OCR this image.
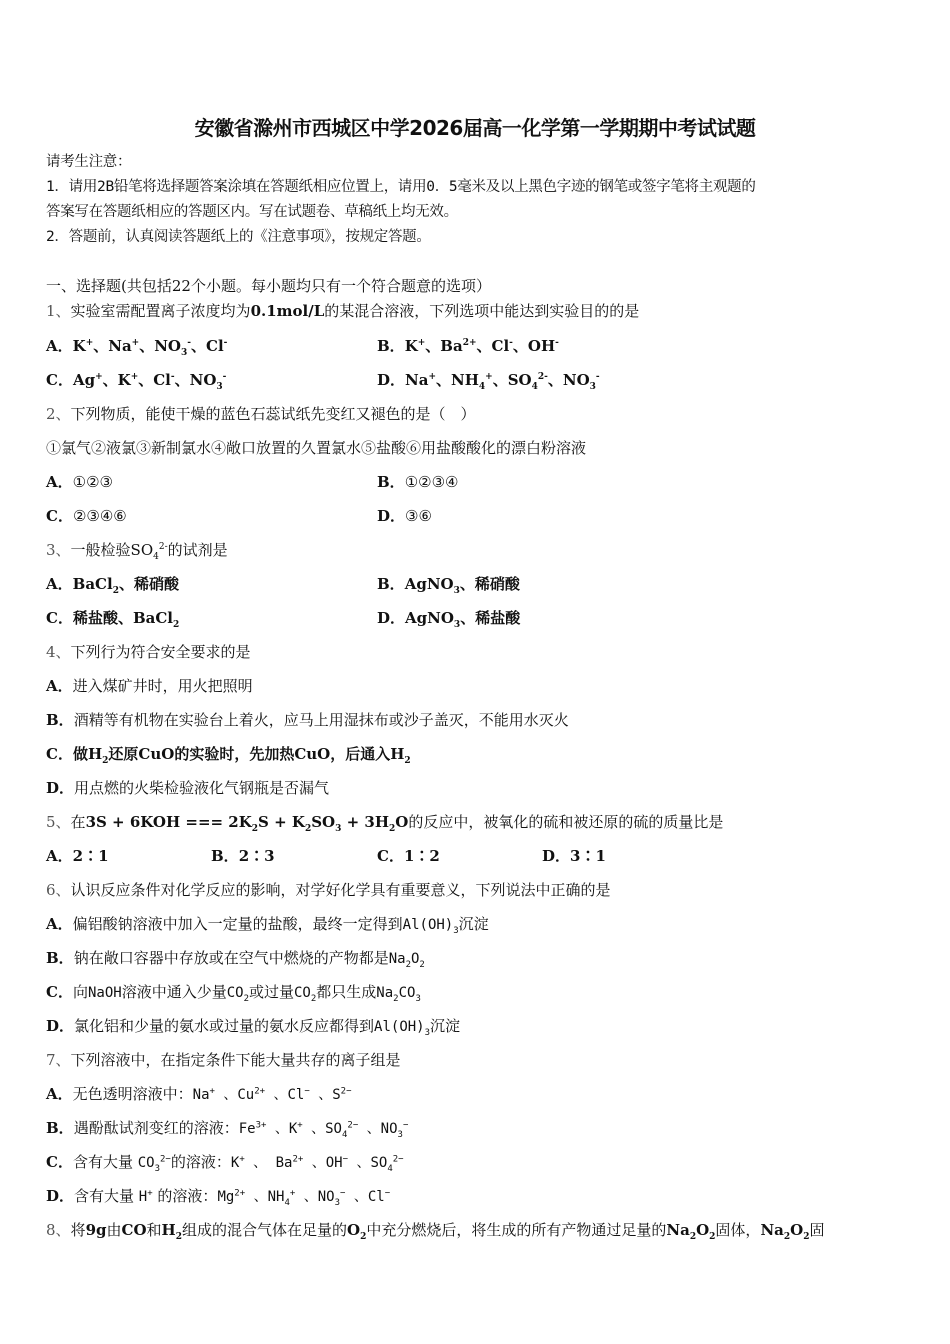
安徽省滁州市西城区中学2026届高一化学第一学期期中考试试题
请考生注意：
1．请用2B铅笔将选择题答案涂填在答题纸相应位置上，请用0．5毫米及以上黑色字迹的钢笔或签字笔将主观题的
答案写在答题纸相应的答题区内。写在试题卷、草稿纸上均无效。
2．答题前，认真阅读答题纸上的《注意事项》，按规定答题。
一、选择题(共包括22个小题。每小题均只有一个符合题意的选项）
1、实验室需配置离子浓度均为0.1mol/L的某混合溶液，下列选项中能达到实验目的的是
A．K+、Na+、$NO_3^-$、Cl-	B．K+、$Ba^{2+}$、Cl-、OH-
C．Ag+、K+、Cl-、$NO_3^-$	D．Na+、$NH_4^+$、$SO_4^{2-}$、$NO_3^-$
2、下列物质，能使干燥的蓝色石蕊试纸先变红又褪色的是（　）
①氯气②液氯③新制氯水④敞口放置的久置氯水⑤盐酸⑥用盐酸酸化的漂白粉溶液
A．①②③	B．①②③④
C．②③④⑥	D．③⑥
3、一般检验$SO_4^{2-}$的试剂是
A．BaCl$_2$、稀硝酸	B．AgNO$_3$、稀硝酸
C．稀盐酸、BaCl$_2$	D．AgNO$_3$、稀盐酸
4、下列行为符合安全要求的是
A．进入煤矿井时，用火把照明
B．酒精等有机物在实验台上着火，应马上用湿抹布或沙子盖灭，不能用水灭火
C．做$H_2$还原CuO的实验时，先加热CuO，后通入$H_2$
D．用点燃的火柴检验液化气钢瓶是否漏气
5、在3S + 6KOH === $2K_2S + K_2SO_3 + 3H_2O$的反应中，被氧化的硫和被还原的硫的质量比是
A．2∶1	B．2∶3	C．1∶2	D．3∶1
6、认识反应条件对化学反应的影响，对学好化学具有重要意义，下列说法中正确的是
A．偏铝酸钠溶液中加入一定量的盐酸，最终一定得到$Al(OH)_3$沉淀
B．钠在敞口容器中存放或在空气中燃烧的产物都是$Na_2O_2$
C．向NaOH溶液中通入少量$CO_2$或过量$CO_2$都只生成$Na_2CO_3$
D．氯化铝和少量的氨水或过量的氨水反应都得到$Al(OH)_3$沉淀
7、下列溶液中，在指定条件下能大量共存的离子组是
A．无色透明溶液中：Na+ 、$Cu^{2+}$ 、Cl− 、$S^{2-}$
B．遇酚酞试剂变红的溶液：$Fe^{3+}$ 、K+ 、$SO_4^{2-}$ 、$NO_3^-$
C．含有大量 $CO_3^{2-}$的溶液：K+ 、 $Ba^{2+}$ 、OH− 、$SO_4^{2-}$
D．含有大量 H+ 的溶液：$Mg^{2+}$ 、$NH_4^+$ 、$NO_3^-$ 、Cl−
8、将9g由CO和$H_2$组成的混合气体在足量的$O_2$中充分燃烧后，将生成的所有产物通过足量的$Na_2O_2$固体，$Na_2O_2$固
